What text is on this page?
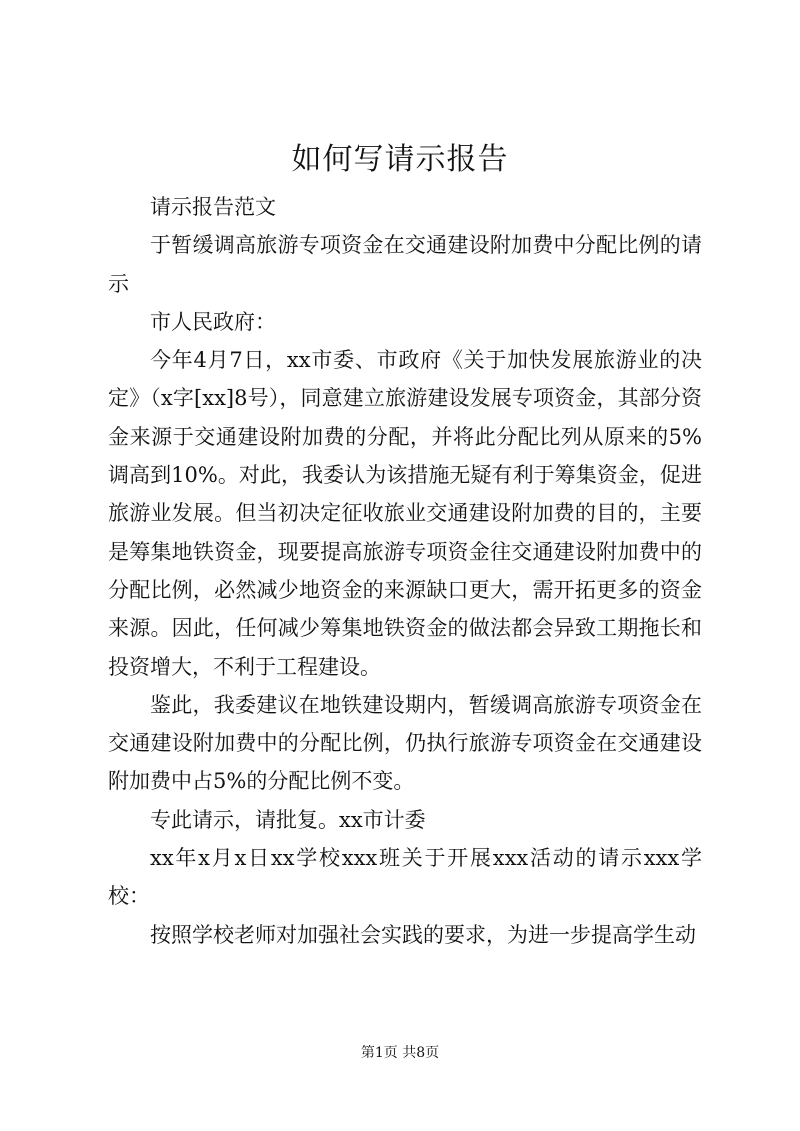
如何写请示报告

请示报告范文

于暂缓调高旅游专项资金在交通建设附加费中分配比例的请示

市人民政府：

今年4月7日，xx市委、市政府《关于加快发展旅游业的决定》（x字[xx]8号），同意建立旅游建设发展专项资金，其部分资金来源于交通建设附加费的分配，并将此分配比列从原来的5%调高到10%。对此，我委认为该措施无疑有利于筹集资金，促进旅游业发展。但当初决定征收旅业交通建设附加费的目的，主要是筹集地铁资金，现要提高旅游专项资金往交通建设附加费中的分配比例，必然减少地资金的来源缺口更大，需开拓更多的资金来源。因此，任何减少筹集地铁资金的做法都会异致工期拖长和投资增大，不利于工程建设。

鉴此，我委建议在地铁建设期内，暂缓调高旅游专项资金在交通建设附加费中的分配比例，仍执行旅游专项资金在交通建设附加费中占5%的分配比例不变。

专此请示，请批复。xx市计委

xx年x月x日xx学校xxx班关于开展xxx活动的请示xxx学校：

按照学校老师对加强社会实践的要求，为进一步提高学生动

第1页 共8页
